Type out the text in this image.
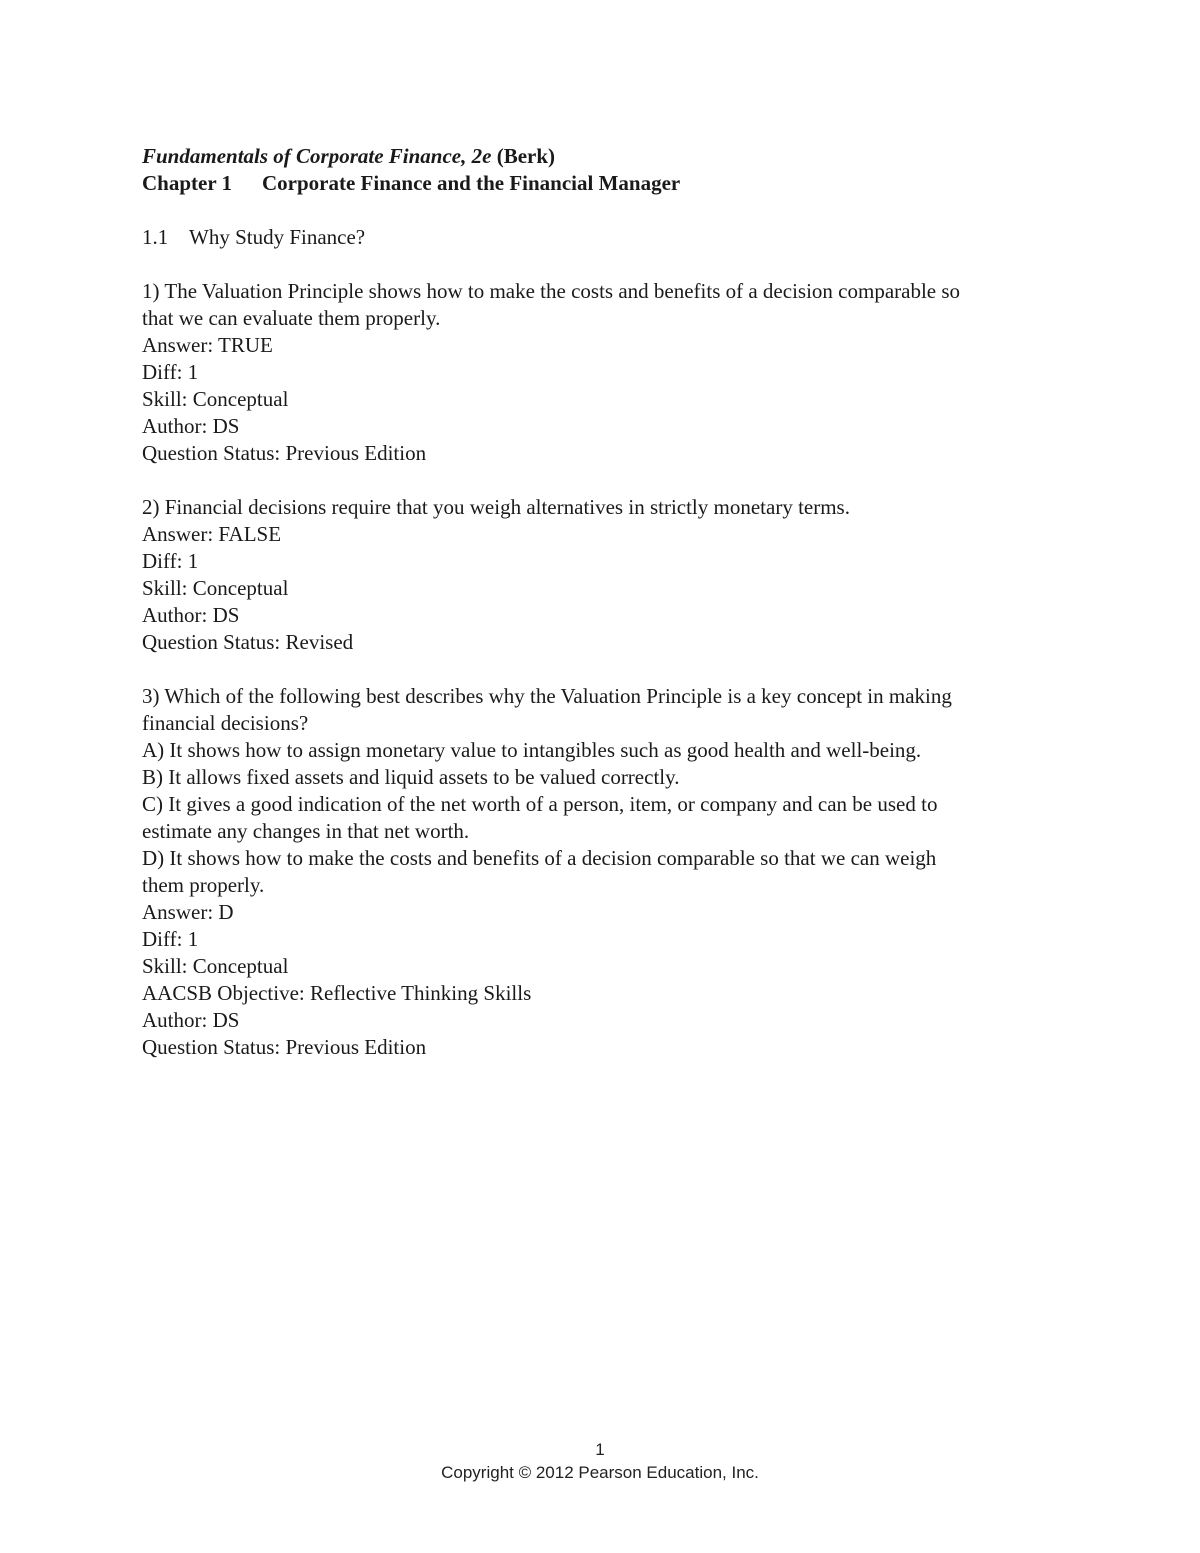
Fundamentals of Corporate Finance, 2e (Berk)

Chapter 1 Corporate Finance and the Financial Manager

1.1 Why Study Finance?
1) The Valuation Principle shows how to make the costs and benefits of a decision comparable so
that we can evaluate them properly.
Answer: TRUE
Diff: 1
Skill: Conceptual
Author: DS
Question Status: Previous Edition
2) Financial decisions require that you weigh alternatives in strictly monetary terms.
Answer: FALSE
Diff: 1
Skill: Conceptual
Author: DS
Question Status: Revised
3) Which of the following best describes why the Valuation Principle is a key concept in making
financial decisions?
A) It shows how to assign monetary value to intangibles such as good health and well-being.
B) It allows fixed assets and liquid assets to be valued correctly.
C) It gives a good indication of the net worth of a person, item, or company and can be used to
estimate any changes in that net worth.
D) It shows how to make the costs and benefits of a decision comparable so that we can weigh
them properly.
Answer: D
Diff: 1
Skill: Conceptual
AACSB Objective: Reflective Thinking Skills
Author: DS
Question Status: Previous Edition
1
Copyright © 2012 Pearson Education, Inc.
